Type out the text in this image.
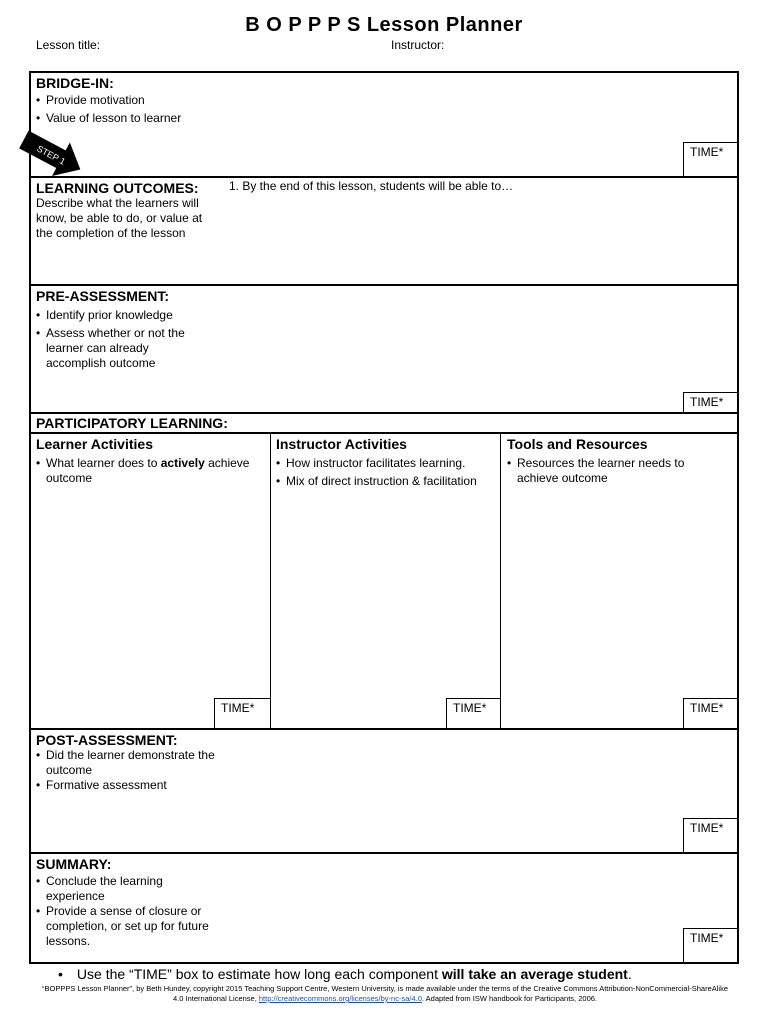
B O P P P S Lesson Planner
Lesson title:	Instructor:
BRIDGE-IN:
• Provide motivation
• Value of lesson to learner
TIME*
LEARNING OUTCOMES:	1. By the end of this lesson, students will be able to…
Describe what the learners will know, be able to do, or value at the completion of the lesson
PRE-ASSESSMENT:
• Identify prior knowledge
• Assess whether or not the learner can already accomplish outcome
TIME*
PARTICIPATORY LEARNING:
Learner Activities
• What learner does to actively achieve outcome
Instructor Activities
• How instructor facilitates learning.
• Mix of direct instruction & facilitation
Tools and Resources
• Resources the learner needs to achieve outcome
TIME*	TIME*	TIME*
POST-ASSESSMENT:
• Did the learner demonstrate the outcome
• Formative assessment
TIME*
SUMMARY:
• Conclude the learning experience
• Provide a sense of closure or completion, or set up for future lessons.	TIME*
STEP 1
• Use the “TIME” box to estimate how long each component will take an average student.
“BOPPPS Lesson Planner”, by Beth Hundey, copyright 2015 Teaching Support Centre, Western University, is made available under the terms of the Creative Commons Attribution-NonCommercial-ShareAlike 4.0 International License, http://creativecommons.org/licenses/by-nc-sa/4.0. Adapted from ISW handbook for Participants, 2006.
